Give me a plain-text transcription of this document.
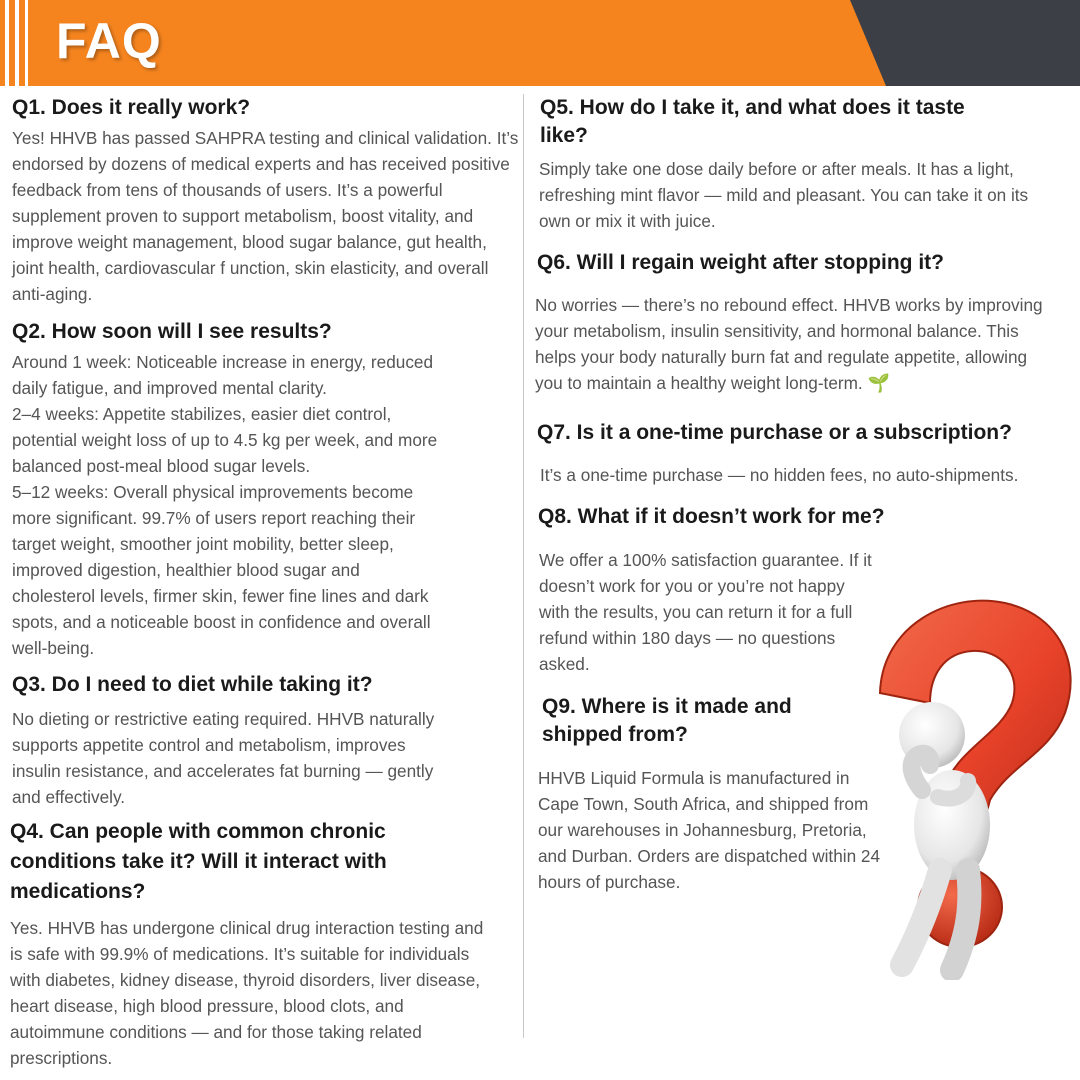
FAQ
Q1. Does it really work?

Yes! HHVB has passed SAHPRA testing and clinical validation. It’s endorsed by dozens of medical experts and has received positive feedback from tens of thousands of users. It’s a powerful supplement proven to support metabolism, boost vitality, and improve weight management, blood sugar balance, gut health, joint health, cardiovascular f unction, skin elasticity, and overall anti-aging.

Q2. How soon will I see results?

Around 1 week: Noticeable increase in energy, reduced daily fatigue, and improved mental clarity.
2–4 weeks: Appetite stabilizes, easier diet control, potential weight loss of up to 4.5 kg per week, and more balanced post-meal blood sugar levels.
5–12 weeks: Overall physical improvements become more significant. 99.7% of users report reaching their target weight, smoother joint mobility, better sleep, improved digestion, healthier blood sugar and cholesterol levels, firmer skin, fewer fine lines and dark spots, and a noticeable boost in confidence and overall well-being.

Q3. Do I need to diet while taking it?

No dieting or restrictive eating required. HHVB naturally supports appetite control and metabolism, improves insulin resistance, and accelerates fat burning — gently and effectively.

Q4. Can people with common chronic conditions take it? Will it interact with medications?

Yes. HHVB has undergone clinical drug interaction testing and is safe with 99.9% of medications. It’s suitable for individuals with diabetes, kidney disease, thyroid disorders, liver disease, heart disease, high blood pressure, blood clots, and autoimmune conditions — and for those taking related prescriptions.

Q5. How do I take it, and what does it taste like?

Simply take one dose daily before or after meals. It has a light, refreshing mint flavor — mild and pleasant. You can take it on its own or mix it with juice.

Q6. Will I regain weight after stopping it?

No worries — there’s no rebound effect. HHVB works by improving your metabolism, insulin sensitivity, and hormonal balance. This helps your body naturally burn fat and regulate appetite, allowing you to maintain a healthy weight long-term. 🌱

Q7. Is it a one-time purchase or a subscription?

It’s a one-time purchase — no hidden fees, no auto-shipments.

Q8. What if it doesn’t work for me?

We offer a 100% satisfaction guarantee. If it doesn’t work for you or you’re not happy with the results, you can return it for a full refund within 180 days — no questions asked.

Q9. Where is it made and shipped from?

HHVB Liquid Formula is manufactured in Cape Town, South Africa, and shipped from our warehouses in Johannesburg, Pretoria, and Durban. Orders are dispatched within 24 hours of purchase.
